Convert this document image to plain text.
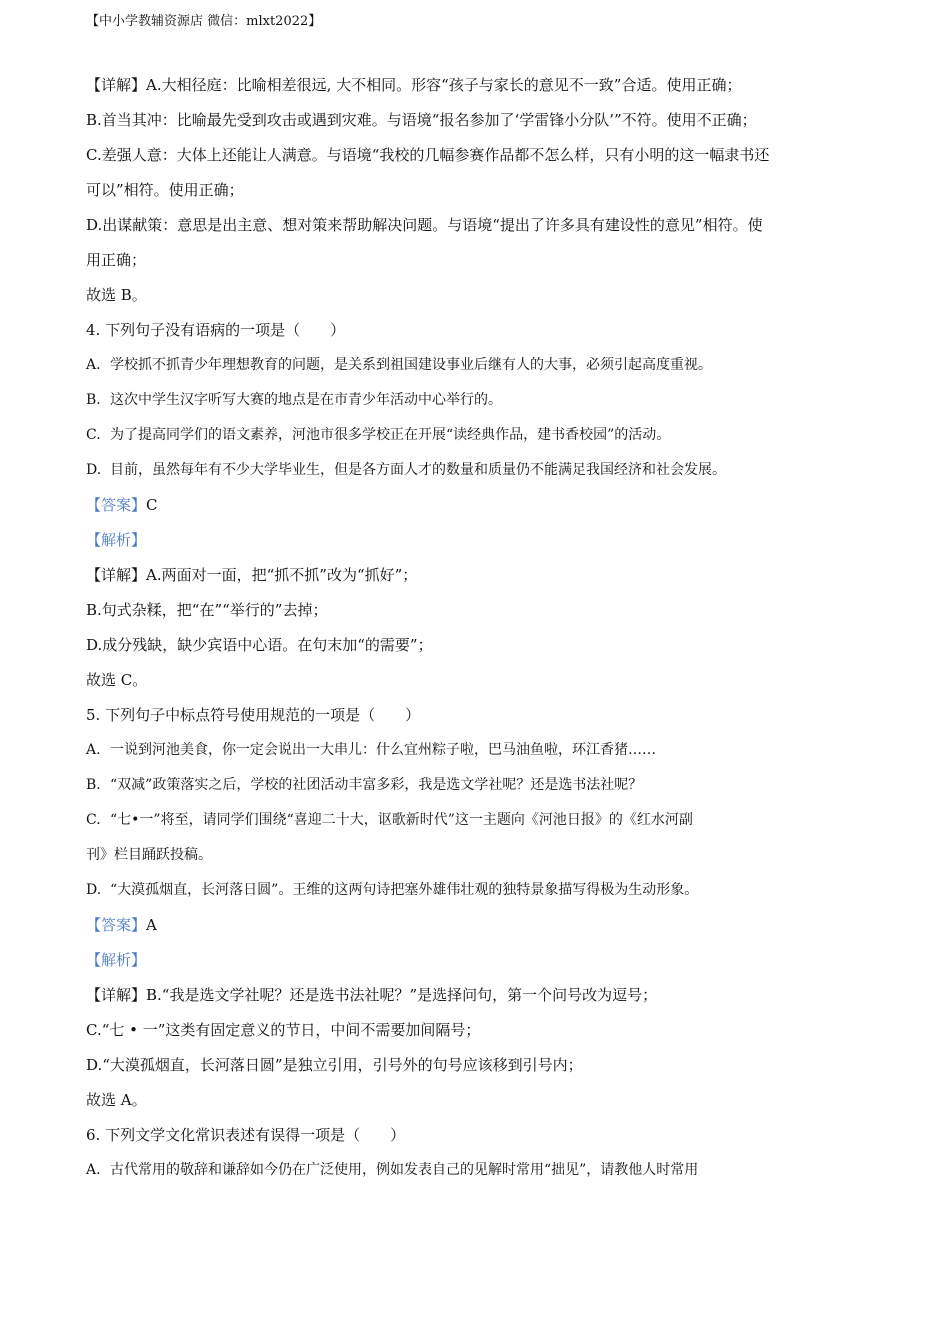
【中小学教辅资源店 微信：mlxt2022】
【详解】A.大相径庭：比喻相差很远, 大不相同。形容“孩子与家长的意见不一致”合适。使用正确；
B.首当其冲：比喻最先受到攻击或遇到灾难。与语境“报名参加了‘学雷锋小分队’”不符。使用不正确；
C.差强人意：大体上还能让人满意。与语境“我校的几幅参赛作品都不怎么样，只有小明的这一幅隶书还
可以”相符。使用正确；
D.出谋献策：意思是出主意、想对策来帮助解决问题。与语境“提出了许多具有建设性的意见”相符。使
用正确；
故选 B。
4. 下列句子没有语病的一项是（　　）
A. 学校抓不抓青少年理想教育的问题，是关系到祖国建设事业后继有人的大事，必须引起高度重视。
B. 这次中学生汉字听写大赛的地点是在市青少年活动中心举行的。
C. 为了提高同学们的语文素养，河池市很多学校正在开展“读经典作品，建书香校园”的活动。
D. 目前，虽然每年有不少大学毕业生，但是各方面人才的数量和质量仍不能满足我国经济和社会发展。
【答案】C
【解析】
【详解】A.两面对一面，把“抓不抓”改为“抓好”；
B.句式杂糅，把“在”“举行的”去掉；
D.成分残缺，缺少宾语中心语。在句末加“的需要”；
故选 C。
5. 下列句子中标点符号使用规范的一项是（　　）
A. 一说到河池美食，你一定会说出一大串儿：什么宜州粽子啦，巴马油鱼啦，环江香猪……
B. “双减”政策落实之后，学校的社团活动丰富多彩，我是选文学社呢？还是选书法社呢？
C. “七•一”将至，请同学们围绕“喜迎二十大，讴歌新时代”这一主题向《河池日报》的《红水河副
刊》栏目踊跃投稿。
D. “大漠孤烟直，长河落日圆”。王维的这两句诗把塞外雄伟壮观的独特景象描写得极为生动形象。
【答案】A
【解析】
【详解】B.“我是选文学社呢？还是选书法社呢？”是选择问句，第一个问号改为逗号；
C.“七 • 一”这类有固定意义的节日，中间不需要加间隔号；
D.“大漠孤烟直，长河落日圆”是独立引用，引号外的句号应该移到引号内；
故选 A。
6. 下列文学文化常识表述有误得一项是（　　）
A. 古代常用的敬辞和谦辞如今仍在广泛使用，例如发表自己的见解时常用“拙见”，请教他人时常用
